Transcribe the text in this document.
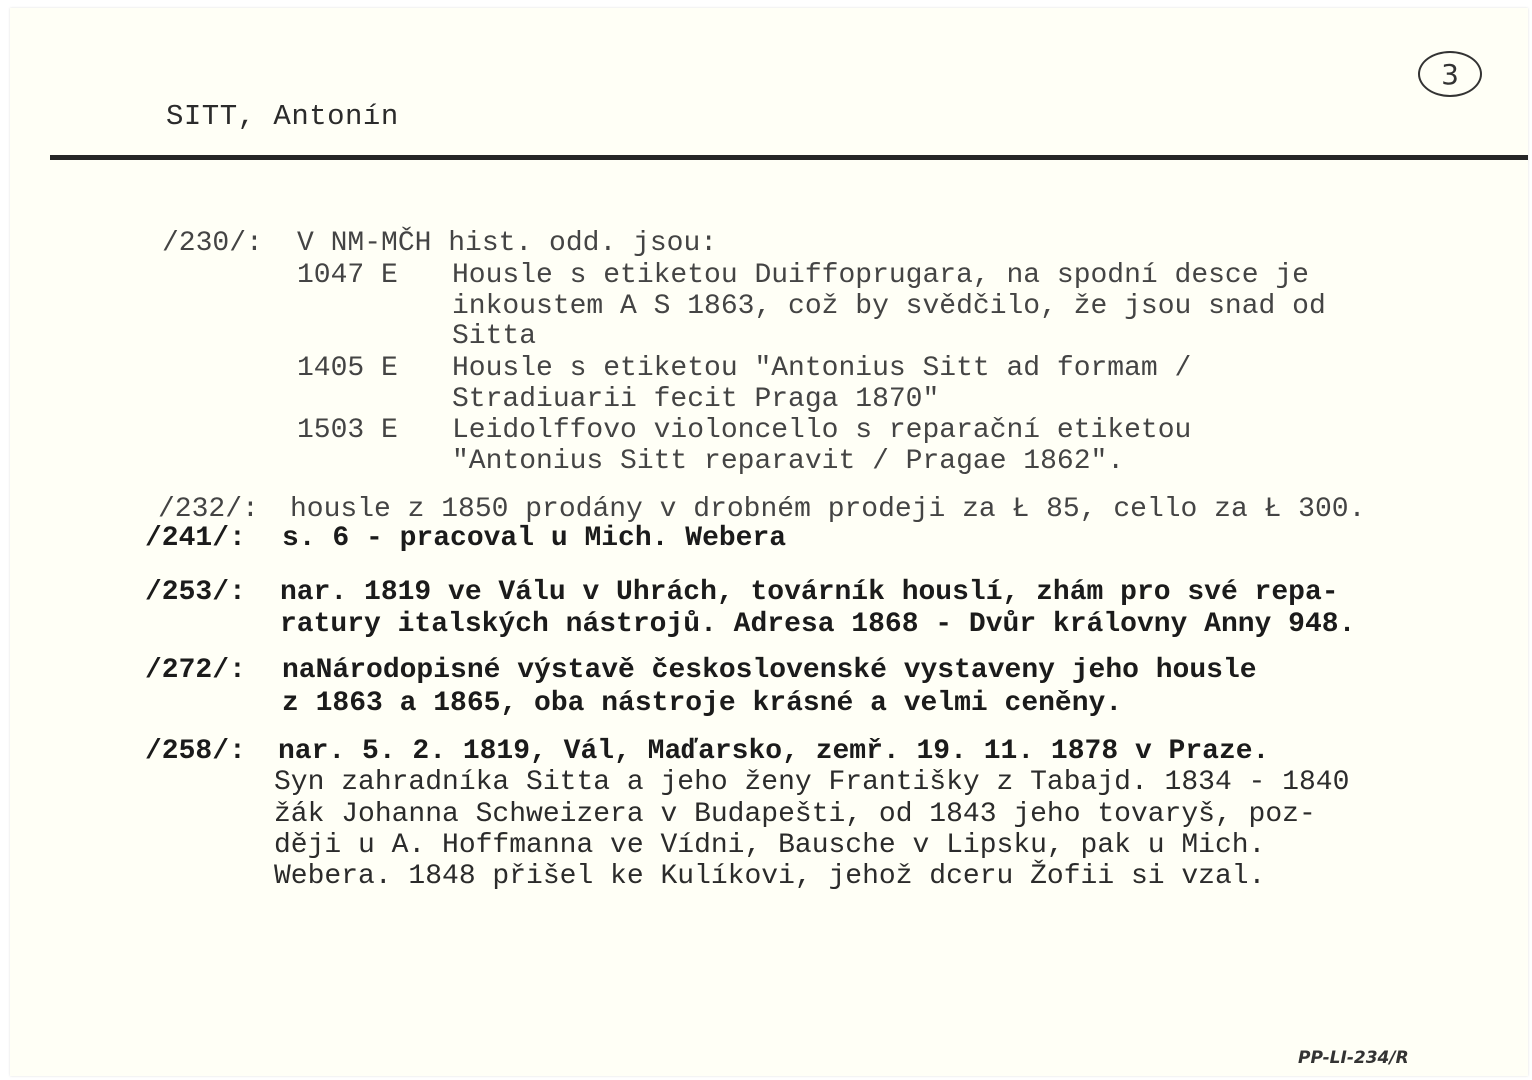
SITT, Antonín
3
/230/: V NM-MČH hist. odd. jsou:
1047 E Housle s etiketou Duiffoprugara, na spodní desce je
inkoustem A S 1863, což by svědčilo, že jsou snad od
Sitta
1405 E Housle s etiketou "Antonius Sitt ad formam /
Stradiuarii fecit Praga 1870"
1503 E Leidolffovo violoncello s reparační etiketou
"Antonius Sitt reparavit / Pragae 1862".
/232/: housle z 1850 prodány v drobném prodeji za Ł 85, cello za Ł 300.
/241/: s. 6 - pracoval u Mich. Webera
/253/: nar. 1819 ve Válu v Uhrách, továrník houslí, zhám pro své repa-
ratury italských nástrojů. Adresa 1868 - Dvůr královny Anny 948.
/272/: naNárodopisné výstavě československé vystaveny jeho housle
z 1863 a 1865, oba nástroje krásné a velmi ceněny.
/258/: nar. 5. 2. 1819, Vál, Maďarsko, zemř. 19. 11. 1878 v Praze.
Syn zahradníka Sitta a jeho ženy Františky z Tabajd. 1834 - 1840
žák Johanna Schweizera v Budapešti, od 1843 jeho tovaryš, poz-
ději u A. Hoffmanna ve Vídni, Bausche v Lipsku, pak u Mich.
Webera. 1848 přišel ke Kulíkovi, jehož dceru Žofii si vzal.
PP-LI-234/R
